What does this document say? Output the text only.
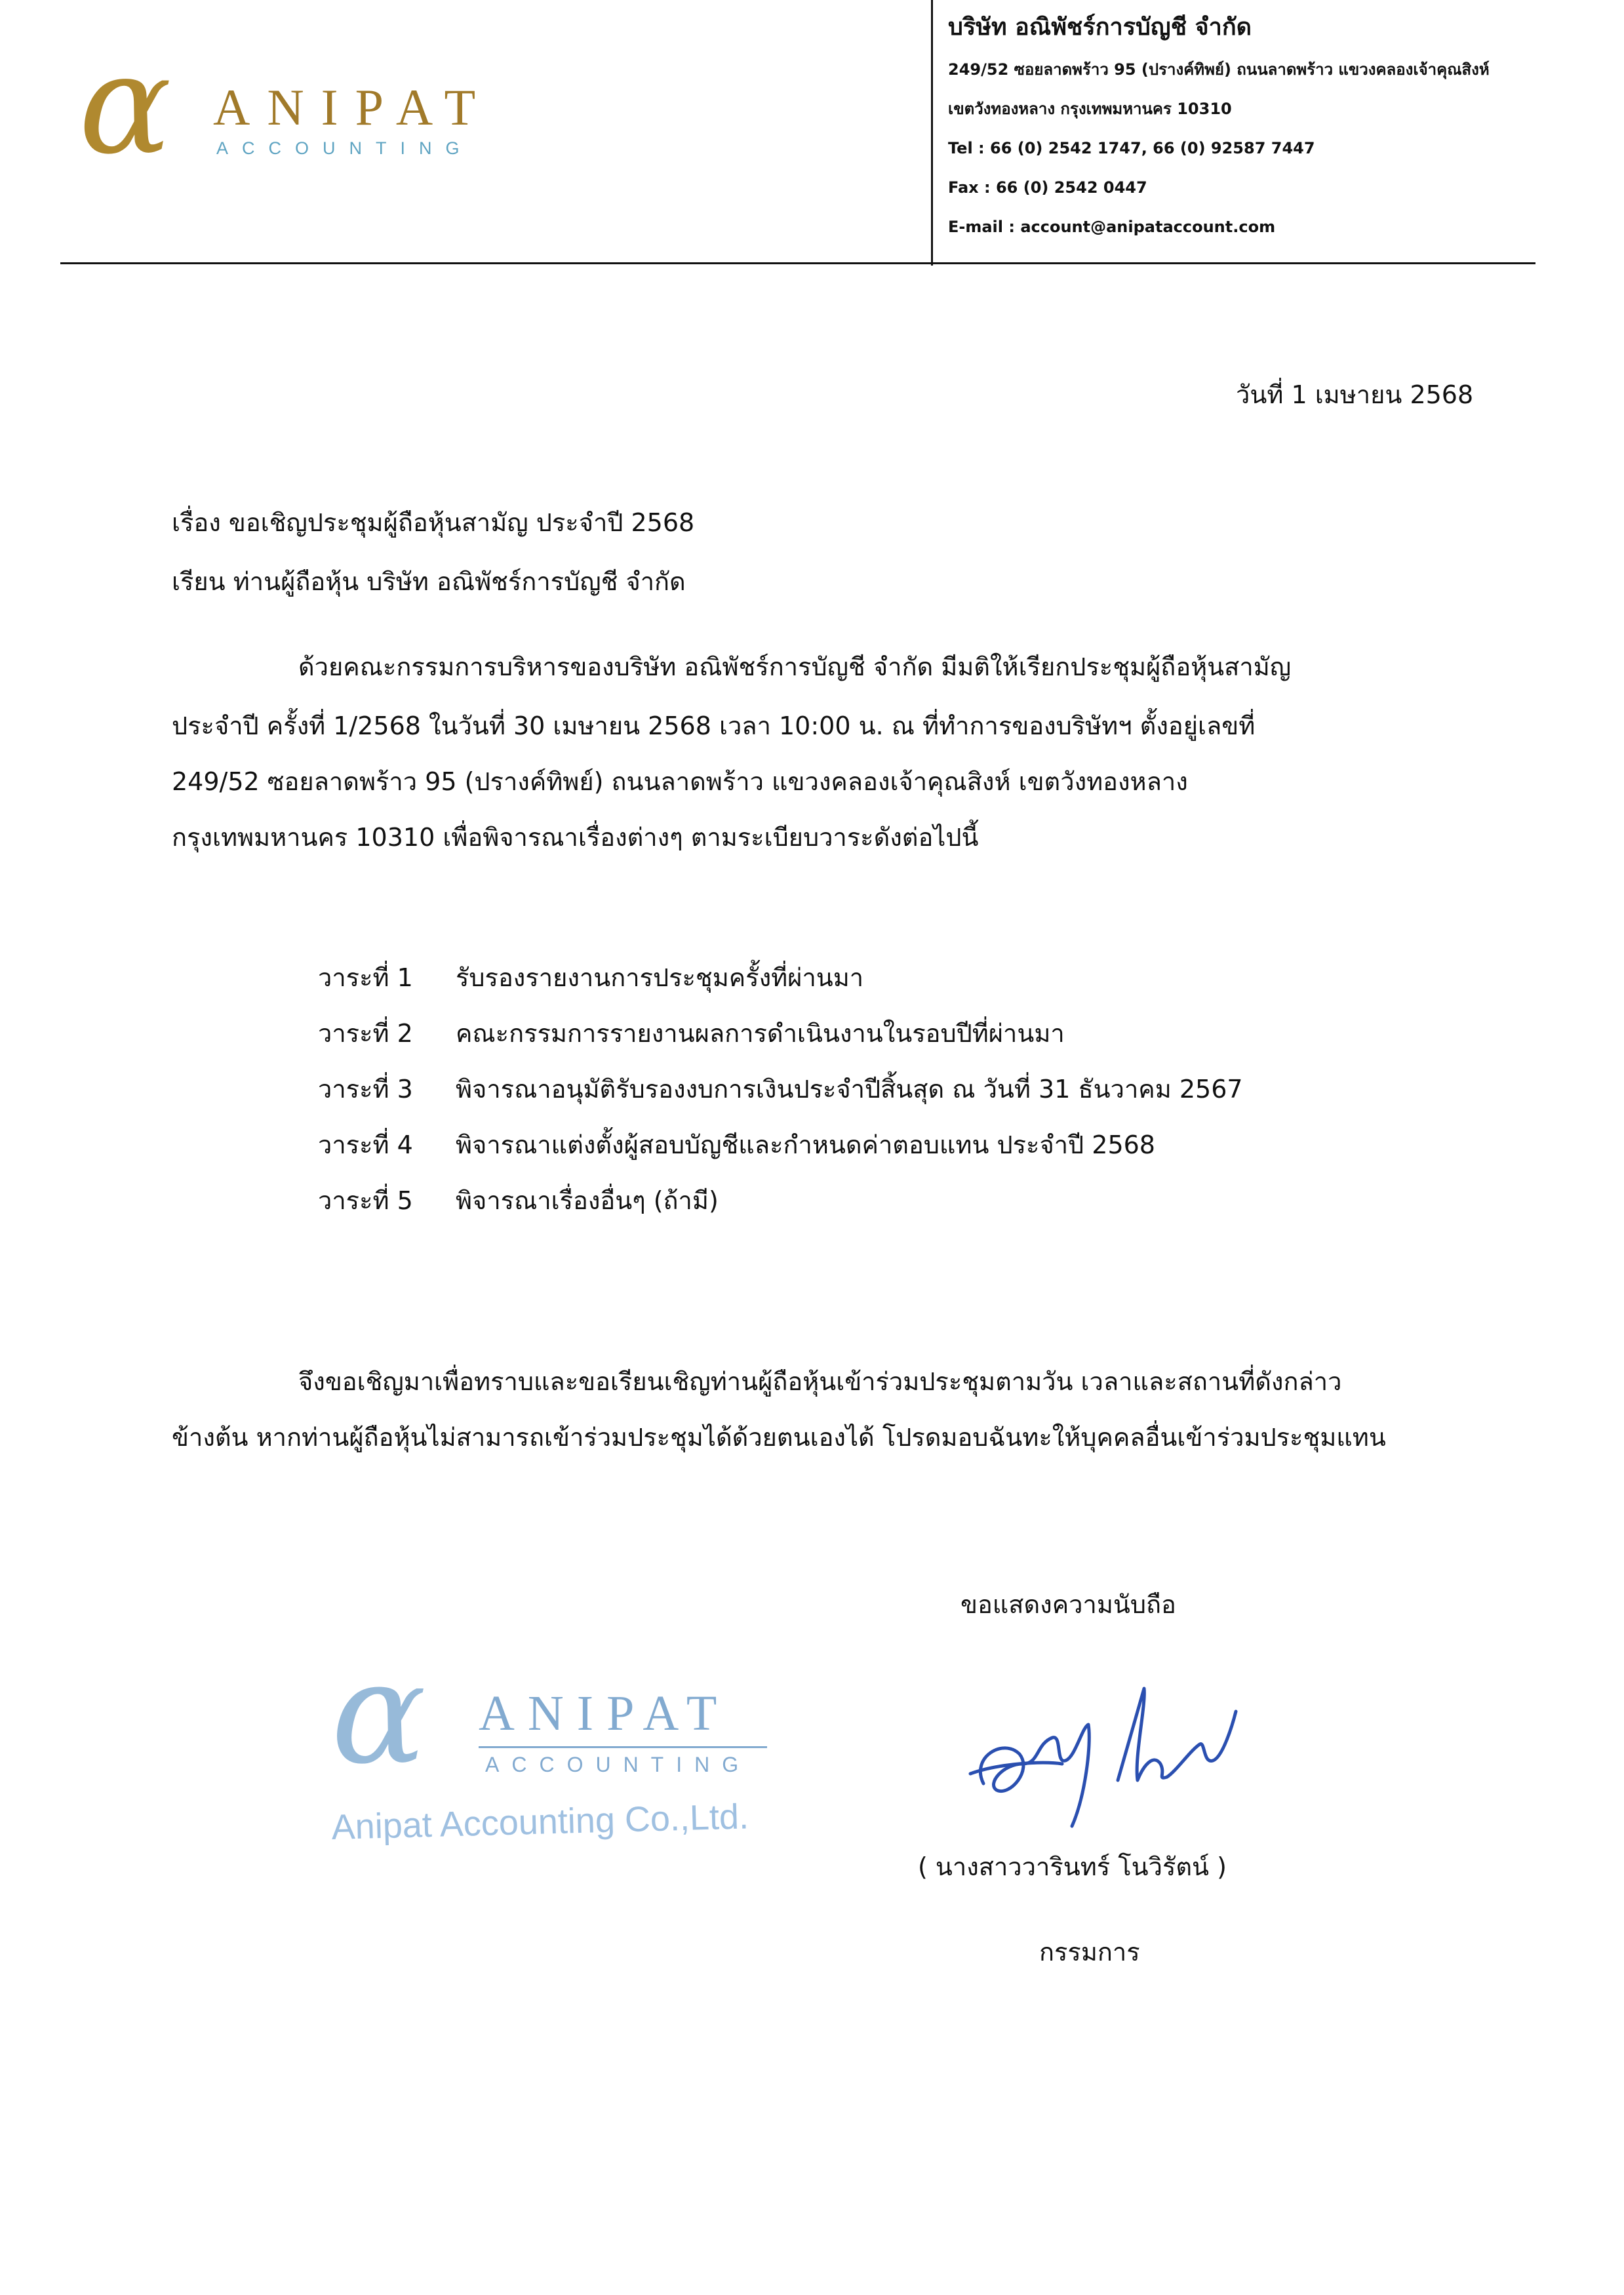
α ANIPAT
ACCOUNTING
บริษัท อณิพัชร์การบัญชี จำกัด
249/52 ซอยลาดพร้าว 95 (ปรางค์ทิพย์) ถนนลาดพร้าว แขวงคลองเจ้าคุณสิงห์
เขตวังทองหลาง กรุงเทพมหานคร 10310
Tel : 66 (0) 2542 1747, 66 (0) 92587 7447
Fax : 66 (0) 2542 0447
E-mail : account@anipataccount.com
วันที่ 1 เมษายน 2568
เรื่อง ขอเชิญประชุมผู้ถือหุ้นสามัญ ประจำปี 2568
เรียน ท่านผู้ถือหุ้น บริษัท อณิพัชร์การบัญชี จำกัด
ด้วยคณะกรรมการบริหารของบริษัท อณิพัชร์การบัญชี จำกัด มีมติให้เรียกประชุมผู้ถือหุ้นสามัญ
ประจำปี ครั้งที่ 1/2568 ในวันที่ 30 เมษายน 2568 เวลา 10:00 น. ณ ที่ทำการของบริษัทฯ ตั้งอยู่เลขที่
249/52 ซอยลาดพร้าว 95 (ปรางค์ทิพย์) ถนนลาดพร้าว แขวงคลองเจ้าคุณสิงห์ เขตวังทองหลาง
กรุงเทพมหานคร 10310 เพื่อพิจารณาเรื่องต่างๆ ตามระเบียบวาระดังต่อไปนี้
วาระที่ 1 รับรองรายงานการประชุมครั้งที่ผ่านมา
วาระที่ 2 คณะกรรมการรายงานผลการดำเนินงานในรอบปีที่ผ่านมา
วาระที่ 3 พิจารณาอนุมัติรับรองงบการเงินประจำปีสิ้นสุด ณ วันที่ 31 ธันวาคม 2567
วาระที่ 4 พิจารณาแต่งตั้งผู้สอบบัญชีและกำหนดค่าตอบแทน ประจำปี 2568
วาระที่ 5 พิจารณาเรื่องอื่นๆ (ถ้ามี)
จึงขอเชิญมาเพื่อทราบและขอเรียนเชิญท่านผู้ถือหุ้นเข้าร่วมประชุมตามวัน เวลาและสถานที่ดังกล่าว
ข้างต้น หากท่านผู้ถือหุ้นไม่สามารถเข้าร่วมประชุมได้ด้วยตนเองได้ โปรดมอบฉันทะให้บุคคลอื่นเข้าร่วมประชุมแทน
ขอแสดงความนับถือ
( นางสาววารินทร์ โนวิรัตน์ )
กรรมการ
α ANIPAT
ACCOUNTING
Anipat Accounting Co.,Ltd.
